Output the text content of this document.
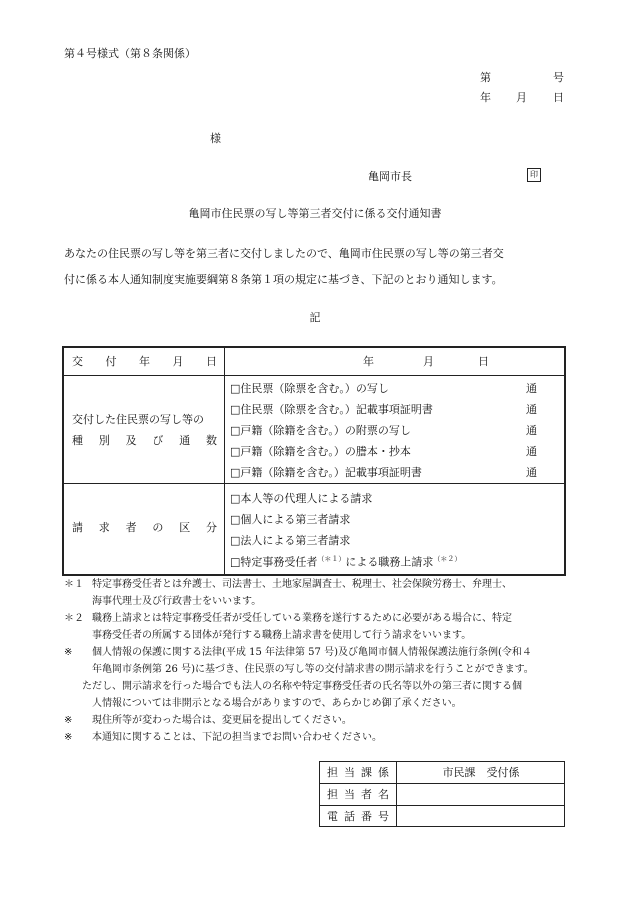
第４号様式（第８条関係）
第	号
年 月 日
様
亀岡市長	印
亀岡市住民票の写し等第三者交付に係る交付通知書
あなたの住民票の写し等を第三者に交付しましたので、亀岡市住民票の写し等の第三者交
付に係る本人通知制度実施要綱第８条第１項の規定に基づき、下記のとおり通知します。
記
交 付 年 月 日	年	月	日
交付した住民票の写し等の
種 別 及 び 通 数
□住民票（除票を含む。）の写し	通
□住民票（除票を含む。）記載事項証明書	通
□戸籍（除籍を含む。）の附票の写し	通
□戸籍（除籍を含む。）の謄本・抄本	通
□戸籍（除籍を含む。）記載事項証明書	通
請 求 者 の 区 分
□本人等の代理人による請求
□個人による第三者請求
□法人による第三者請求
□特定事務受任者$^{(*1)}$による職務上請求$^{(*2)}$
＊１ 特定事務受任者とは弁護士、司法書士、土地家屋調査士、税理士、社会保険労務士、弁理士、
海事代理士及び行政書士をいいます。
＊２ 職務上請求とは特定事務受任者が受任している業務を遂行するために必要がある場合に、特定
事務受任者の所属する団体が発行する職務上請求書を使用して行う請求をいいます。
※ 個人情報の保護に関する法律(平成 15 年法律第 57 号)及び亀岡市個人情報保護法施行条例(令和４
年亀岡市条例第 26 号)に基づき、住民票の写し等の交付請求書の開示請求を行うことができます。
ただし、開示請求を行った場合でも法人の名称や特定事務受任者の氏名等以外の第三者に関する個
人情報については非開示となる場合がありますので、あらかじめ御了承ください。
※ 現住所等が変わった場合は、変更届を提出してください。
※ 本通知に関することは、下記の担当までお問い合わせください。
担 当 課 係	市民課　受付係
担 当 者 名
電 話 番 号
